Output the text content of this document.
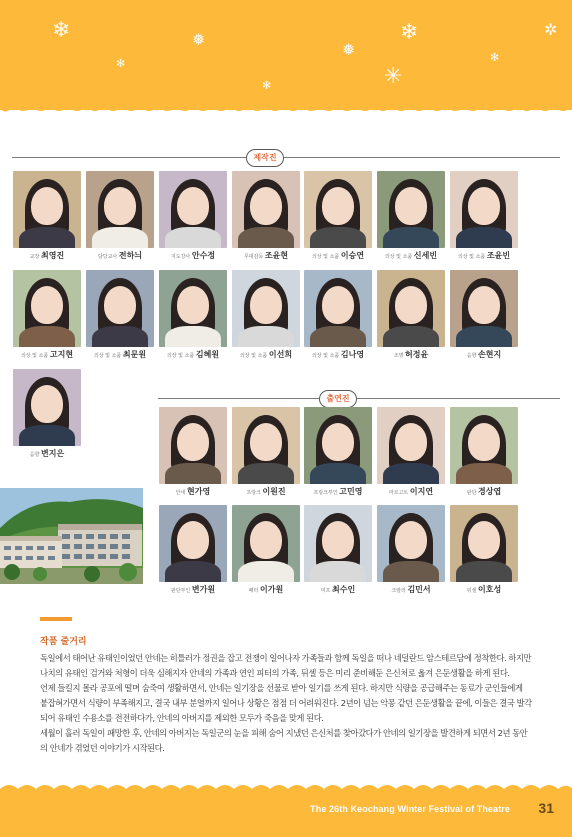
❄	❅
✻
✻
❅
✳
❄
✻
✲
제작진
교장 최영진	담당교사 전하늬	지도강사 안수정	무대감독 조윤현	의상 및 소품 이승연	의상 및 소품 신세빈	의상 및 소품 조윤빈
의상 및 소품 고지현	의상 및 소품 최문원	의상 및 소품 김혜원	의상 및 소품 이선희	의상 및 소품 김나영	조명 허정윤	음향 손현지
음향 변지은
출연진
안네 현가영	프랑크 이원진	프랑크부인 고민영	마르고트 이지연	판단 경상엽
판단부인 변가원	페터 이가원	미프 최수인	크랄러 김민서	뒤셀 이호성
작품 줄거리

독일에서 태어난 유태인이었던 안네는 히틀러가 정권을 잡고 전쟁이 일어나자 가족들과 함께 독일을 떠나 네덜란드 암스테르담에 정착한다. 하지만 나치의 유태인 검거와 처형이 더욱 심해지자 안네의 가족과 연인 피터의 가족, 뒤셀 등은 미리 준비해둔 은신처로 옮겨 은둔생활을 하게 된다.

언제 들킬지 몰라 공포에 떨며 숨죽여 생활하면서, 안네는 일기장을 선물로 받아 일기를 쓰게 된다. 하지만 식량을 공급해주는 동료가 군인들에게 붙잡혀가면서 식량이 부족해지고, 결국 내부 분열까지 일어나 상황은 점점 더 어려워진다. 2년이 넘는 악몽 같던 은둔생활을 끝에, 이들은 결국 발각되어 유태인 수용소를 전전하다가, 안네의 아버지를 제외한 모두가 죽음을 맞게 된다.

세월이 흘러 독일이 패망한 후, 안네의 아버지는 독일군의 눈을 피해 숨어 지냈던 은신처를 찾아갔다가 안네의 일기장을 발견하게 되면서 2년 동안의 안네가 겪었던 이야기가 시작된다.

The 26th Keochang Winter Festival of Theatre 31
